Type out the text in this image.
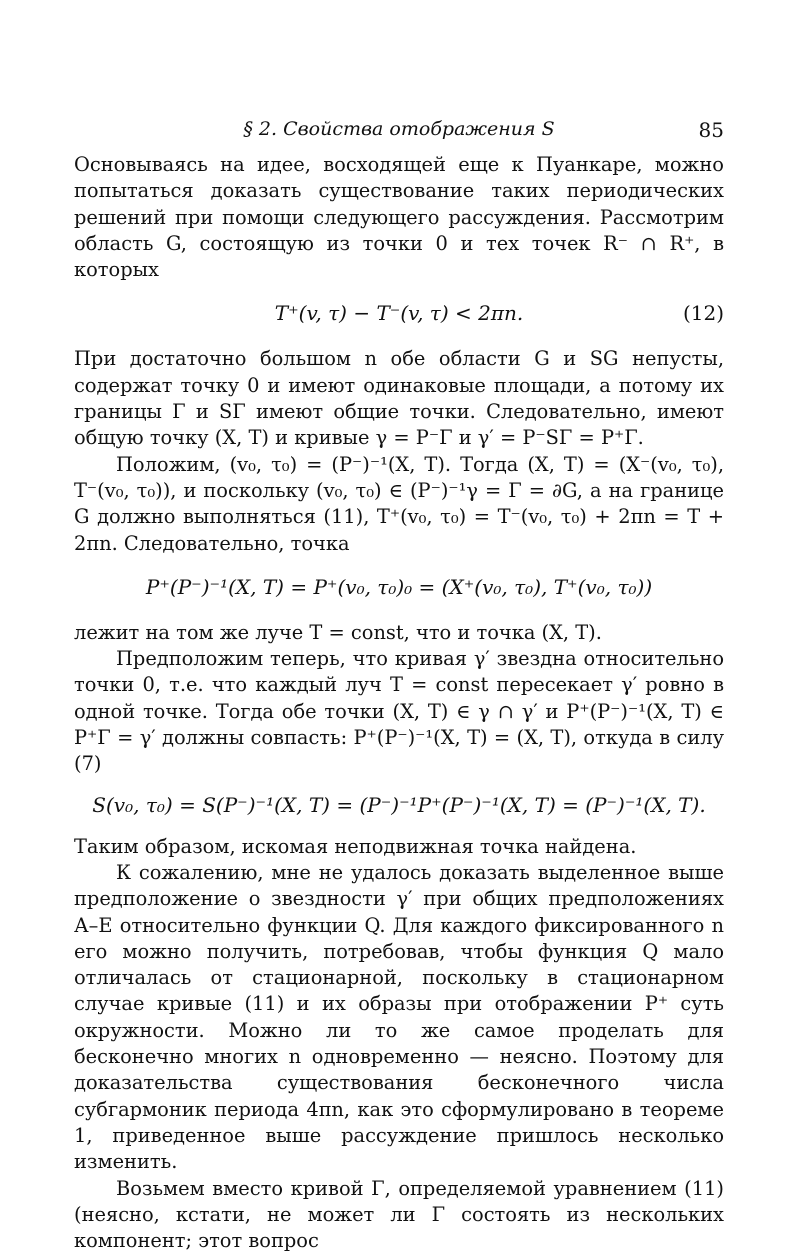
§ 2. Свойства отображения S	85

Основываясь на идее, восходящей еще к Пуанкаре, можно попытаться доказать существование таких периодических решений при помощи следующего рассуждения. Рассмотрим область G, состоящую из точки 0 и тех точек R⁻ ∩ R⁺, в которых

T⁺(v, τ) − T⁻(v, τ) < 2πn.	(12)

При достаточно большом n обе области G и SG непусты, содержат точку 0 и имеют одинаковые площади, а потому их границы Γ и SΓ имеют общие точки. Следовательно, имеют общую точку (X, T) и кривые γ = P⁻Γ и γ′ = P⁻SΓ = P⁺Γ.

Положим, (v₀, τ₀) = (P⁻)⁻¹(X, T). Тогда (X, T) = (X⁻(v₀, τ₀), T⁻(v₀, τ₀)), и поскольку (v₀, τ₀) ∈ (P⁻)⁻¹γ = Γ = ∂G, а на границе G должно выполняться (11), T⁺(v₀, τ₀) = T⁻(v₀, τ₀) + 2πn = T + 2πn. Следовательно, точка

P⁺(P⁻)⁻¹(X, T) = P⁺(v₀, τ₀)₀ = (X⁺(v₀, τ₀), T⁺(v₀, τ₀))

лежит на том же луче T = const, что и точка (X, T).

Предположим теперь, что кривая γ′ звездна относительно точки 0, т.е. что каждый луч T = const пересекает γ′ ровно в одной точке. Тогда обе точки (X, T) ∈ γ ∩ γ′ и P⁺(P⁻)⁻¹(X, T) ∈ P⁺Γ = γ′ должны совпасть: P⁺(P⁻)⁻¹(X, T) = (X, T), откуда в силу (7)

S(v₀, τ₀) = S(P⁻)⁻¹(X, T) = (P⁻)⁻¹P⁺(P⁻)⁻¹(X, T) = (P⁻)⁻¹(X, T).

Таким образом, искомая неподвижная точка найдена.

К сожалению, мне не удалось доказать выделенное выше предположение о звездности γ′ при общих предположениях А–Е относительно функции Q. Для каждого фиксированного n его можно получить, потребовав, чтобы функция Q мало отличалась от стационарной, поскольку в стационарном случае кривые (11) и их образы при отображении P⁺ суть окружности. Можно ли то же самое проделать для бесконечно многих n одновременно — неясно. Поэтому для доказательства существования бесконечного числа субгармоник периода 4πn, как это сформулировано в теореме 1, приведенное выше рассуждение пришлось несколько изменить.

Возьмем вместо кривой Γ, определяемой уравнением (11) (неясно, кстати, не может ли Γ состоять из нескольких компонент; этот вопрос
